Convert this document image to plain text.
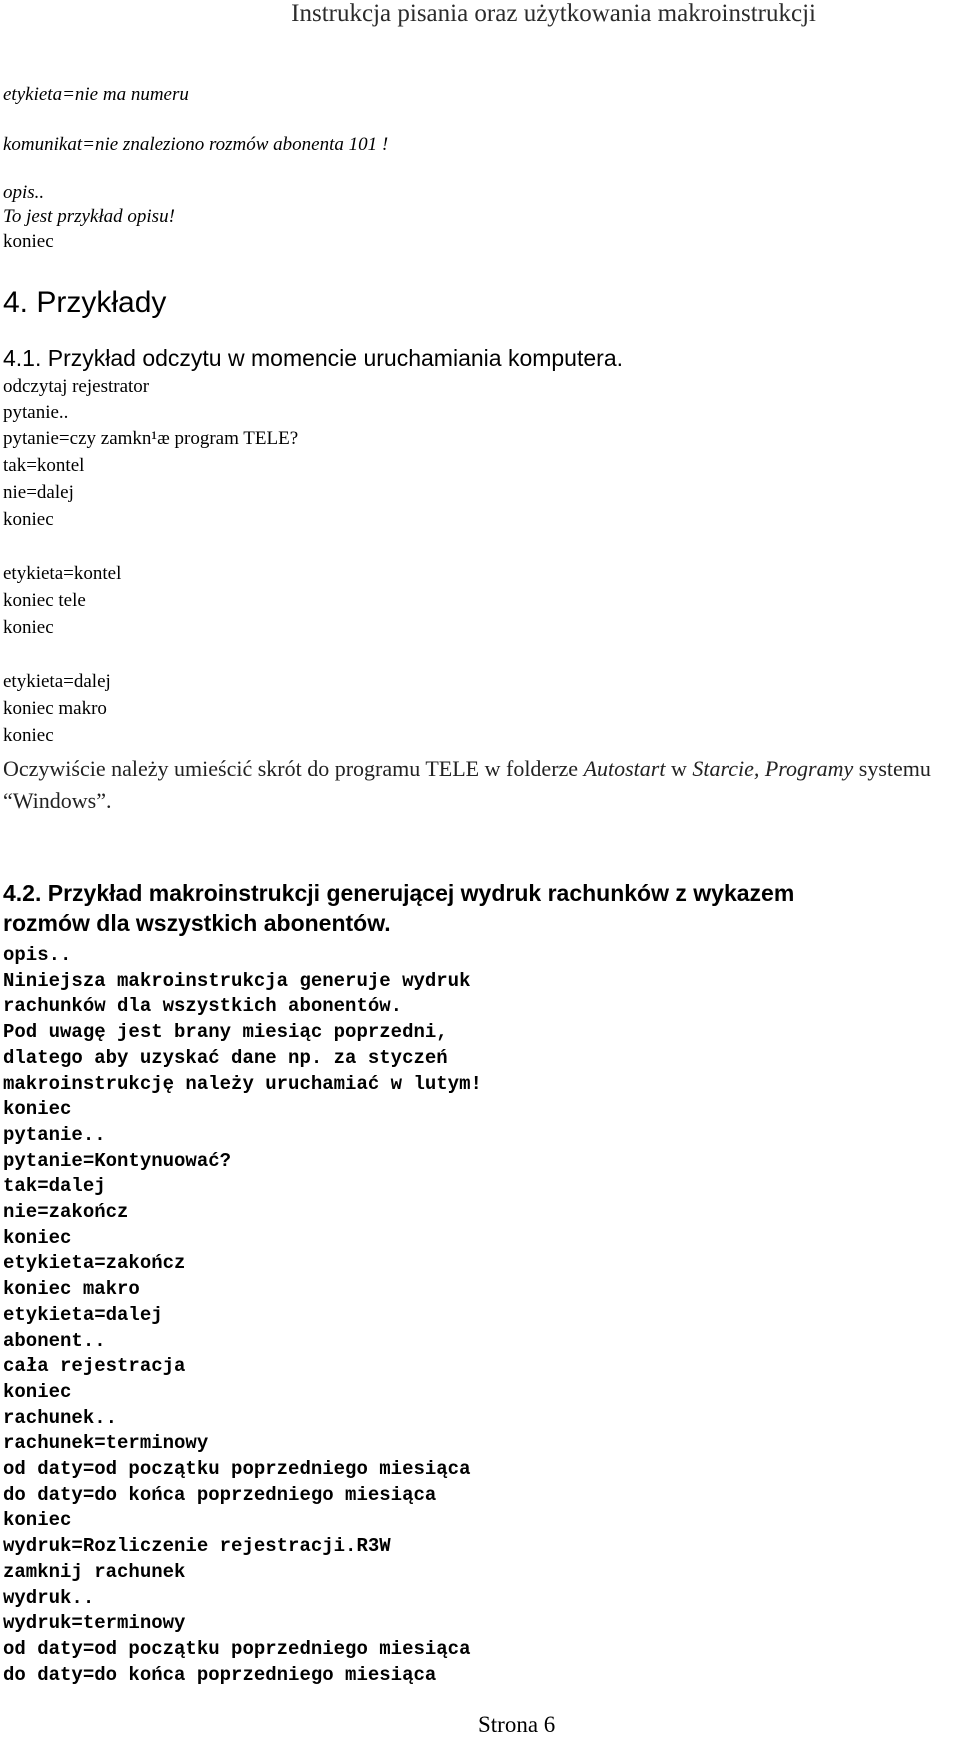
Instrukcja pisania oraz użytkowania makroinstrukcji
etykieta=nie ma numeru
komunikat=nie znaleziono rozmów abonenta 101 !
opis..
To jest przykład opisu!
koniec
4. Przykłady
4.1. Przykład odczytu w momencie uruchamiania komputera.
odczytaj rejestrator
pytanie..
pytanie=czy zamkn¹æ program TELE?
tak=kontel
nie=dalej
koniec
etykieta=kontel
koniec tele
koniec
etykieta=dalej
koniec makro
koniec
Oczywiście należy umieścić skrót do programu TELE w folderze Autostart w Starcie, Programy systemu “Windows”.
4.2. Przykład makroinstrukcji generującej wydruk rachunków z wykazem
rozmów dla wszystkich abonentów.
opis..
Niniejsza makroinstrukcja generuje wydruk
rachunków dla wszystkich abonentów.
Pod uwagę jest brany miesiąc poprzedni,
dlatego aby uzyskać dane np. za styczeń
makroinstrukcję należy uruchamiać w lutym!
koniec
pytanie..
pytanie=Kontynuować?
tak=dalej
nie=zakończ
koniec
etykieta=zakończ
koniec makro
etykieta=dalej
abonent..
cała rejestracja
koniec
rachunek..
rachunek=terminowy
od daty=od początku poprzedniego miesiąca
do daty=do końca poprzedniego miesiąca
koniec
wydruk=Rozliczenie rejestracji.R3W
zamknij rachunek
wydruk..
wydruk=terminowy
od daty=od początku poprzedniego miesiąca
do daty=do końca poprzedniego miesiąca
Strona 6
